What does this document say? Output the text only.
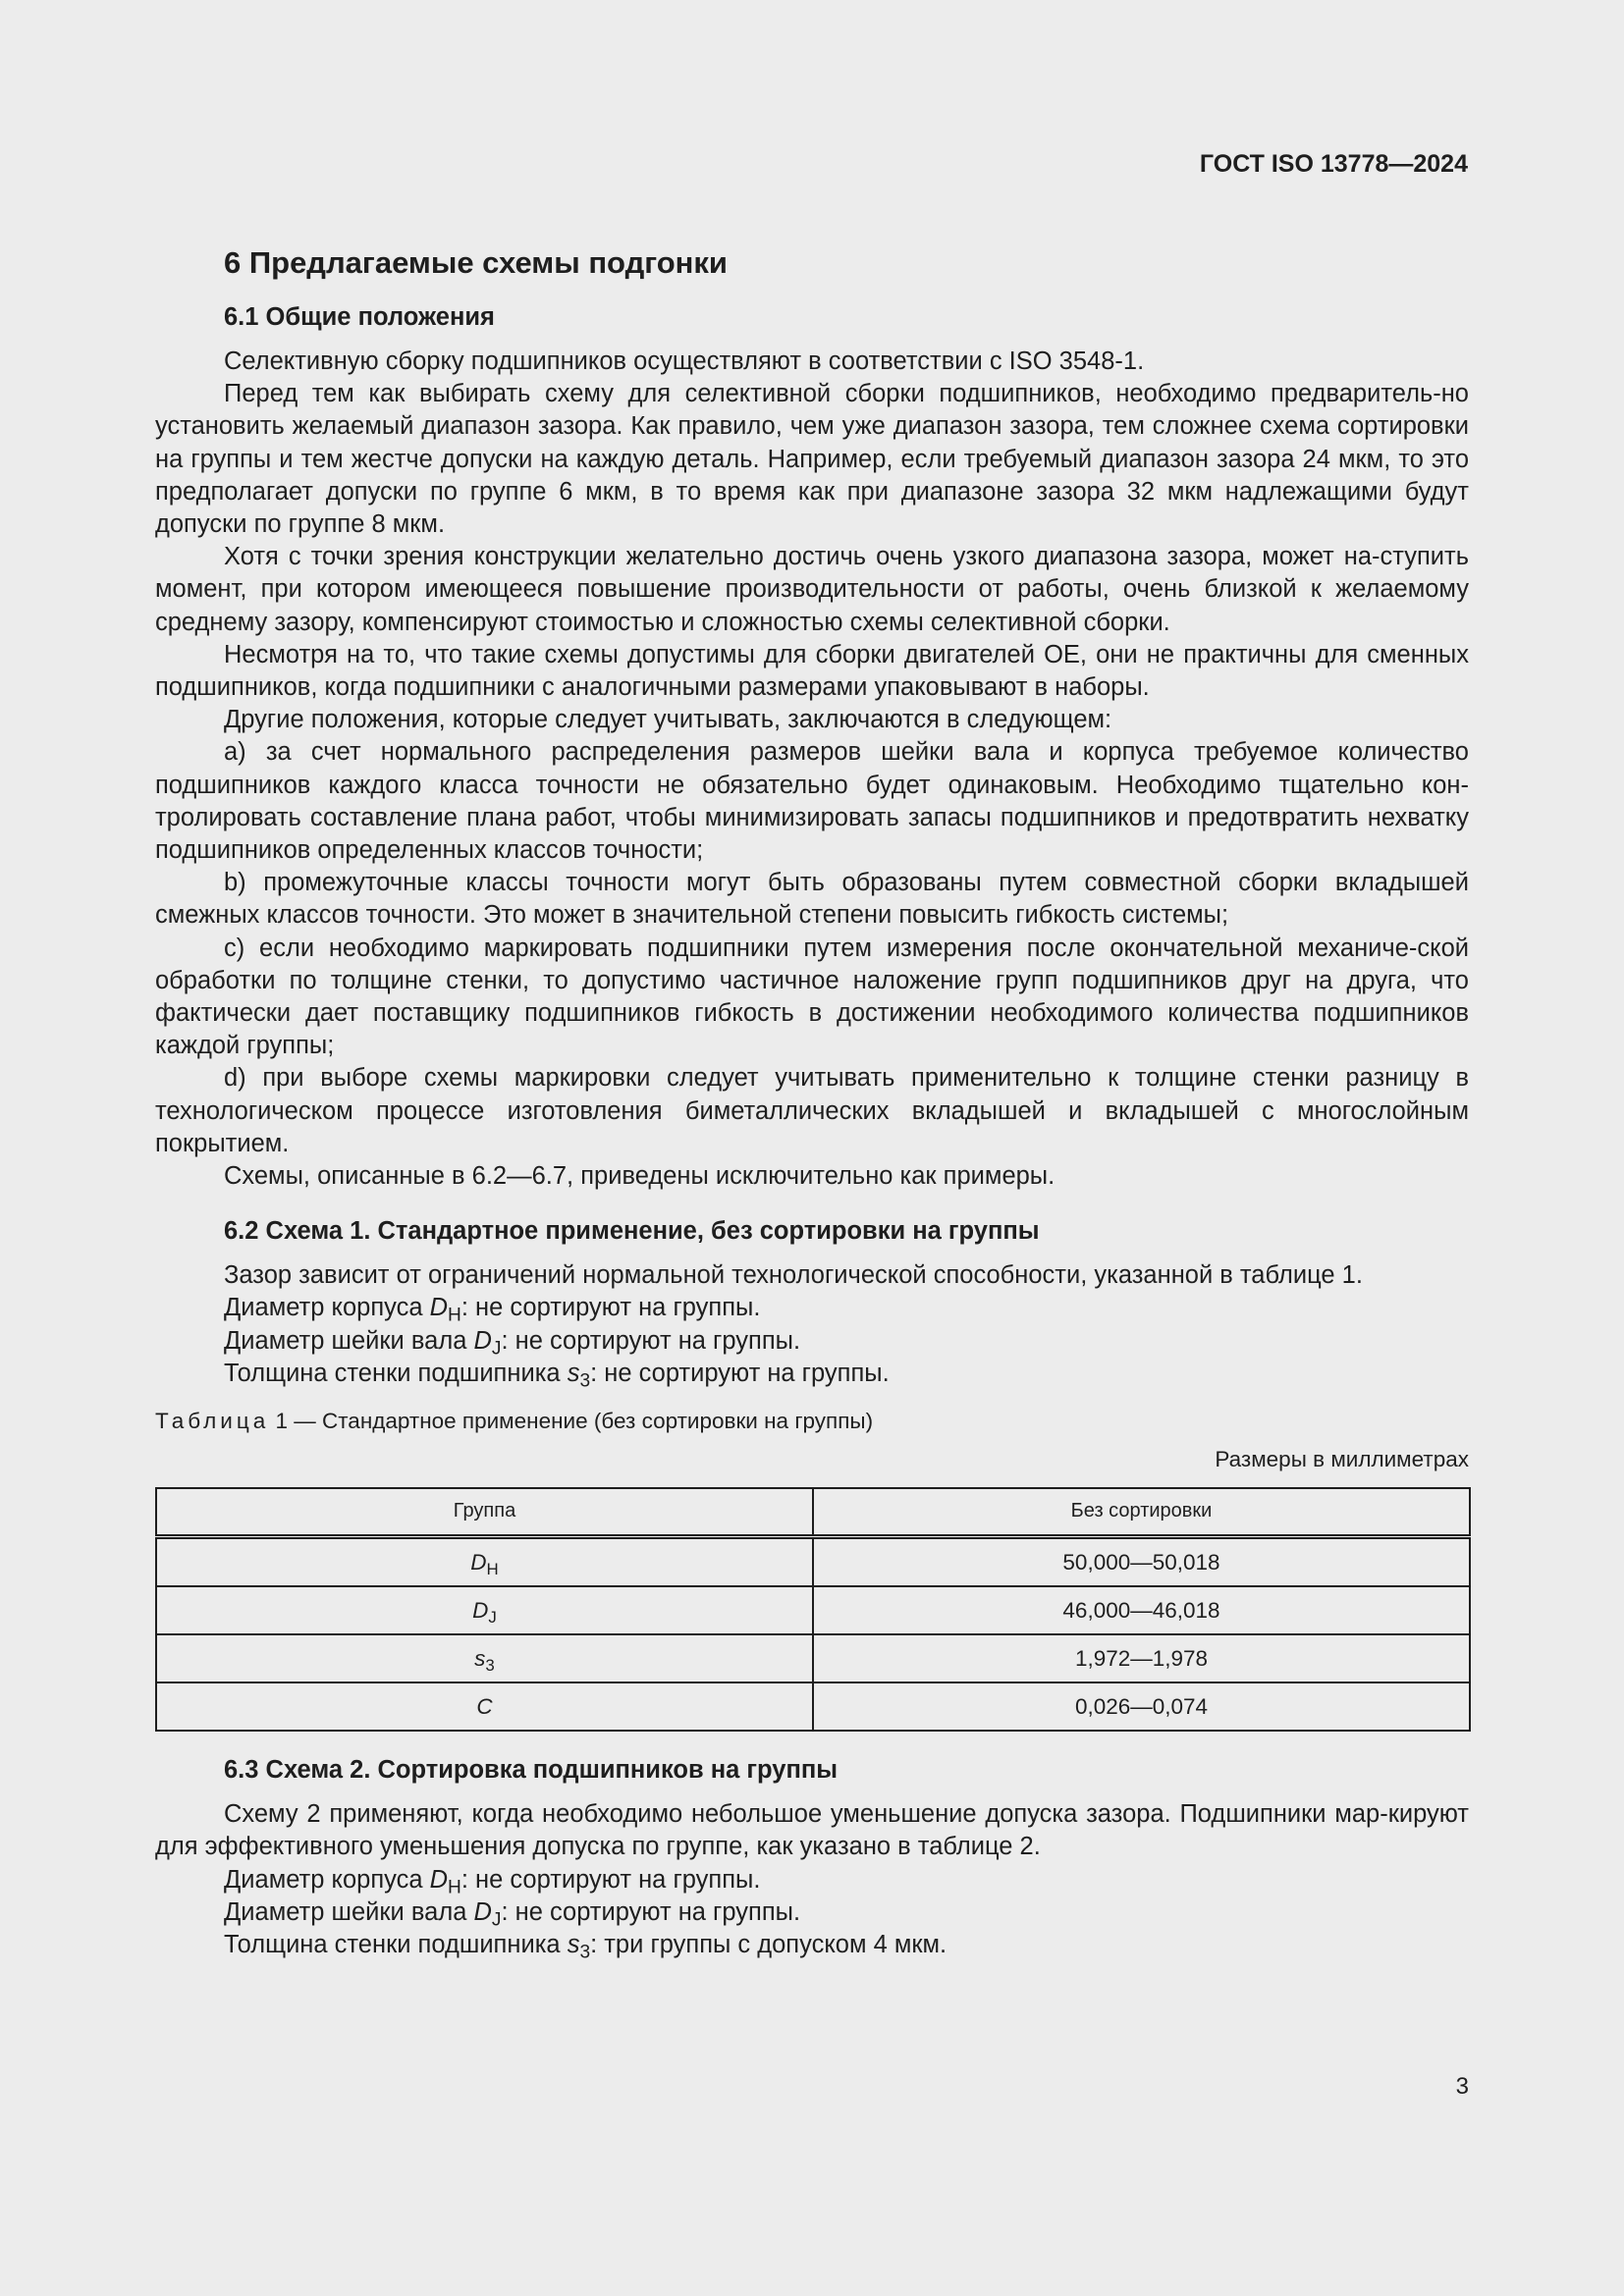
ГОСТ ISO 13778—2024
6 Предлагаемые схемы подгонки
6.1 Общие положения

Селективную сборку подшипников осуществляют в соответствии с ISO 3548-1.

Перед тем как выбирать схему для селективной сборки подшипников, необходимо предваритель-но установить желаемый диапазон зазора. Как правило, чем уже диапазон зазора, тем сложнее схема сортировки на группы и тем жестче допуски на каждую деталь. Например, если требуемый диапазон зазора 24 мкм, то это предполагает допуски по группе 6 мкм, в то время как при диапазоне зазора 32 мкм надлежащими будут допуски по группе 8 мкм.

Хотя с точки зрения конструкции желательно достичь очень узкого диапазона зазора, может на-ступить момент, при котором имеющееся повышение производительности от работы, очень близкой к желаемому среднему зазору, компенсируют стоимостью и сложностью схемы селективной сборки.

Несмотря на то, что такие схемы допустимы для сборки двигателей ОЕ, они не практичны для сменных подшипников, когда подшипники с аналогичными размерами упаковывают в наборы.

Другие положения, которые следует учитывать, заключаются в следующем:

a) за счет нормального распределения размеров шейки вала и корпуса требуемое количество подшипников каждого класса точности не обязательно будет одинаковым. Необходимо тщательно кон-тролировать составление плана работ, чтобы минимизировать запасы подшипников и предотвратить нехватку подшипников определенных классов точности;

b) промежуточные классы точности могут быть образованы путем совместной сборки вкладышей смежных классов точности. Это может в значительной степени повысить гибкость системы;

c) если необходимо маркировать подшипники путем измерения после окончательной механиче-ской обработки по толщине стенки, то допустимо частичное наложение групп подшипников друг на друга, что фактически дает поставщику подшипников гибкость в достижении необходимого количества подшипников каждой группы;

d) при выборе схемы маркировки следует учитывать применительно к толщине стенки разницу в технологическом процессе изготовления биметаллических вкладышей и вкладышей с многослойным покрытием.

Схемы, описанные в 6.2—6.7, приведены исключительно как примеры.

6.2 Схема 1. Стандартное применение, без сортировки на группы

Зазор зависит от ограничений нормальной технологической способности, указанной в таблице 1.

Диаметр корпуса $D_H$: не сортируют на группы.

Диаметр шейки вала $D_J$: не сортируют на группы.

Толщина стенки подшипника $s_3$: не сортируют на группы.

Таблица 1 — Стандартное применение (без сортировки на группы)
Размеры в миллиметрах
Группа	Без сортировки
$D_H$	50,000—50,018
$D_J$	46,000—46,018
$s_3$	1,972—1,978
C	0,026—0,074
6.3 Схема 2. Сортировка подшипников на группы

Схему 2 применяют, когда необходимо небольшое уменьшение допуска зазора. Подшипники мар-кируют для эффективного уменьшения допуска по группе, как указано в таблице 2.

Диаметр корпуса $D_H$: не сортируют на группы.

Диаметр шейки вала $D_J$: не сортируют на группы.

Толщина стенки подшипника $s_3$: три группы с допуском 4 мкм.

3
